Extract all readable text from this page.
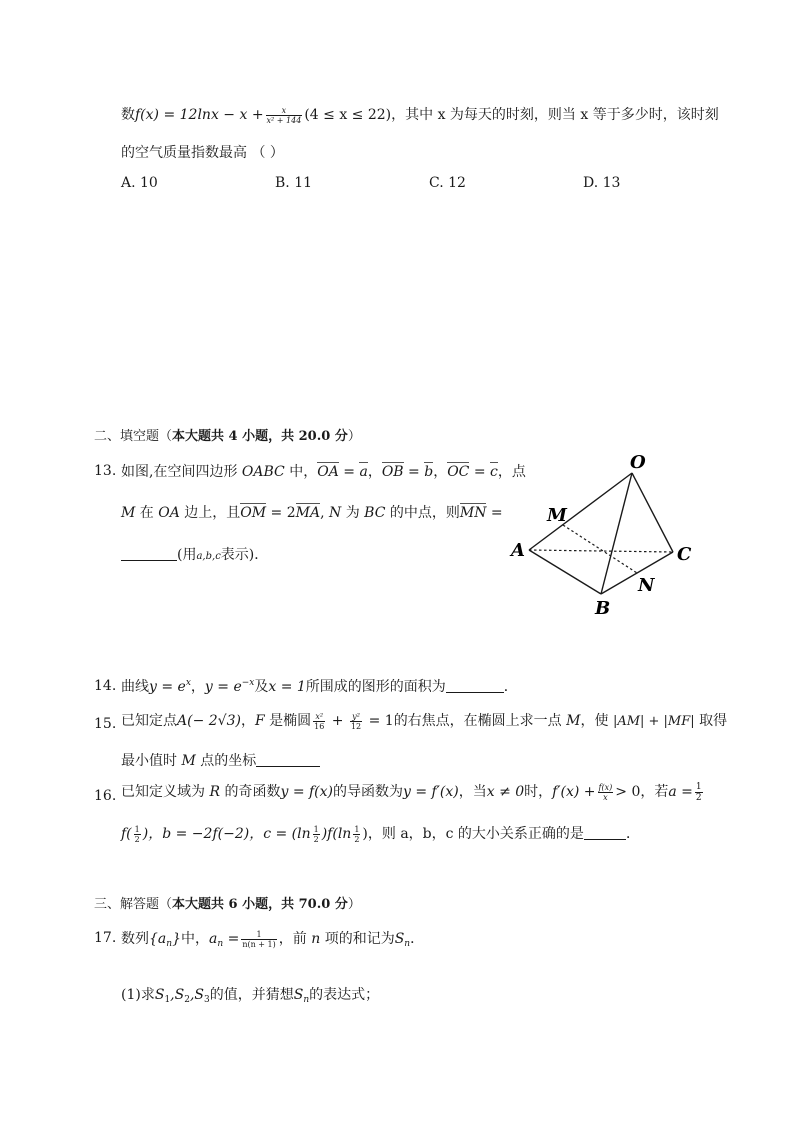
数$f(x) = 12\ln x - x + \frac{x}{\text{x² + 144}} (4 \le x \le 22)$，其中 x 为每天的时刻，则当 x 等于多少时，该时刻
的空气质量指数最高 （ ）
A. 10	B. 11	C. 12	D. 13
二、填空题（本大题共 4 小题，共 20.0 分）
13. 如图,在空间四边形 OABC 中，OA = a，OB = b，OC = c，点
M 在 OA 边上，且OM = 2MA, N 为 BC 的中点，则MN =
(用a,b,c表示)．
O
M
A	C
N
B
14. 曲线$y = e^x$，$y = e^{-x}$及x = 1所围成的图形的面积为	．
15. 已知定点A(− 2√3)，F 是椭圆 $\frac{\text{x²}}{16} + \frac{\text{y²}}{12} = 1$的右焦点，在椭圆上求一点 M，使 |AM| + |MF| 取得
最小值时 M 点的坐标
16. 已知定义域为 R 的奇函数y = f(x)的导函数为y = f′(x)，当x ≠ 0时，$f'(x) + \frac{f(x)}{x} > 0$，若$a = \frac{1}{2}$
$f( \frac{1}{2}$ )，b = −2f(−2)，$c = (\ln \frac{1}{2} )f(\ln \frac{1}{2}$ )，则 a，b，c 的大小关系正确的是	．
三、解答题（本大题共 6 小题，共 70.0 分）
17. 数列$\{a_n\}$中，$a_n = \frac{1}{n(n + 1)}$ ，前 n 项的和记为$S_n$．
(1)求$S_1,S_2,S_3$的值，并猜想$S_n$的表达式；
